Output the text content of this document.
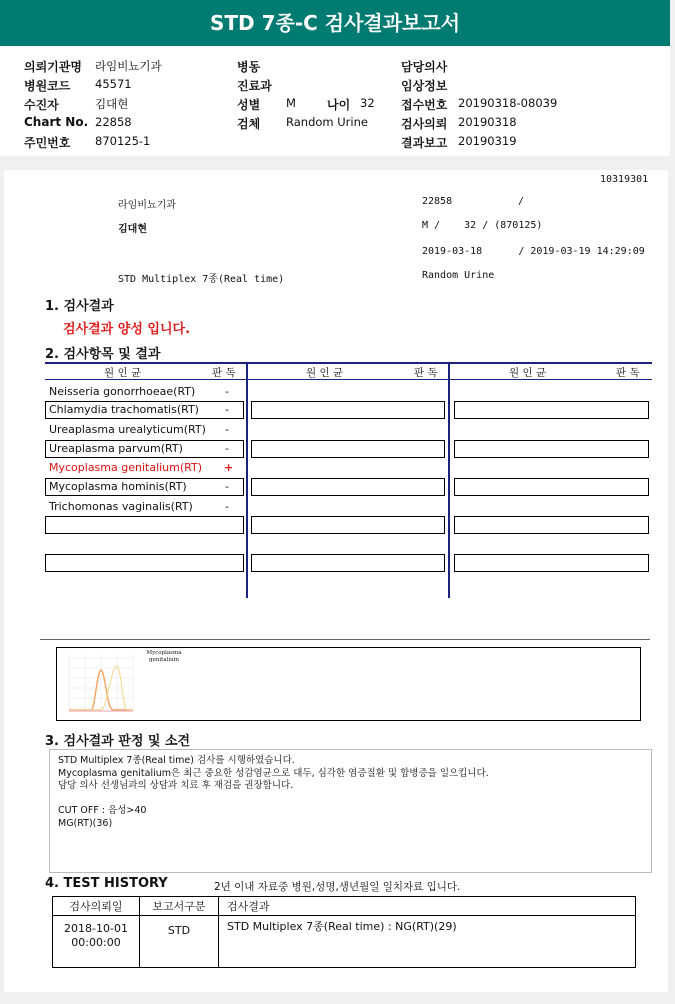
STD 7종-C 검사결과보고서
의뢰기관명 라임비뇨기과
병원코드 45571
수진자	김대현
Chart No. 22858
주민번호 870125-1
병동
진료과
성별 M	나이 32
검체 Random Urine
담당의사
임상정보
접수번호 20190318-08039
검사의뢰 20190318
결과보고 20190319
10319301
라임비뇨기과	22858	/
김대현	M /    32 / (870125)
2019-03-18      / 2019-03-19 14:29:09
STD Multiplex 7종(Real time)	Random Urine
1. 검사결과
검사결과 양성 입니다.
2. 검사항목 및 결과
원 인 균	판 독	원 인 균	판 독	원 인 균	판 독
Neisseria gonorrhoeae(RT)	-
Chlamydia trachomatis(RT) -
Ureaplasma urealyticum(RT) -
Ureaplasma parvum(RT)	-
Mycoplasma genitalium(RT) +
Mycoplasma hominis(RT)	-
Trichomonas vaginalis(RT)	-
Mycoplasma genitalium
3. 검사결과 판정 및 소견
STD Multiplex 7종(Real time) 검사를 시행하였습니다.
Mycoplasma genitalium은 최근 중요한 성감염균으로 대두, 심각한 염증질환 및 합병증을 일으킵니다.
담당 의사 선생님과의 상담과 치료 후 재검을 권장합니다.

CUT OFF : 음성>40
MG(RT)(36)
4. TEST HISTORY	2년 이내 자료중 병원,성명,생년월일 일치자료 입니다.
검사의뢰일	보고서구분	검사결과
2018-10-01 00:00:00	STD	STD Multiplex 7종(Real time) : NG(RT)(29)
